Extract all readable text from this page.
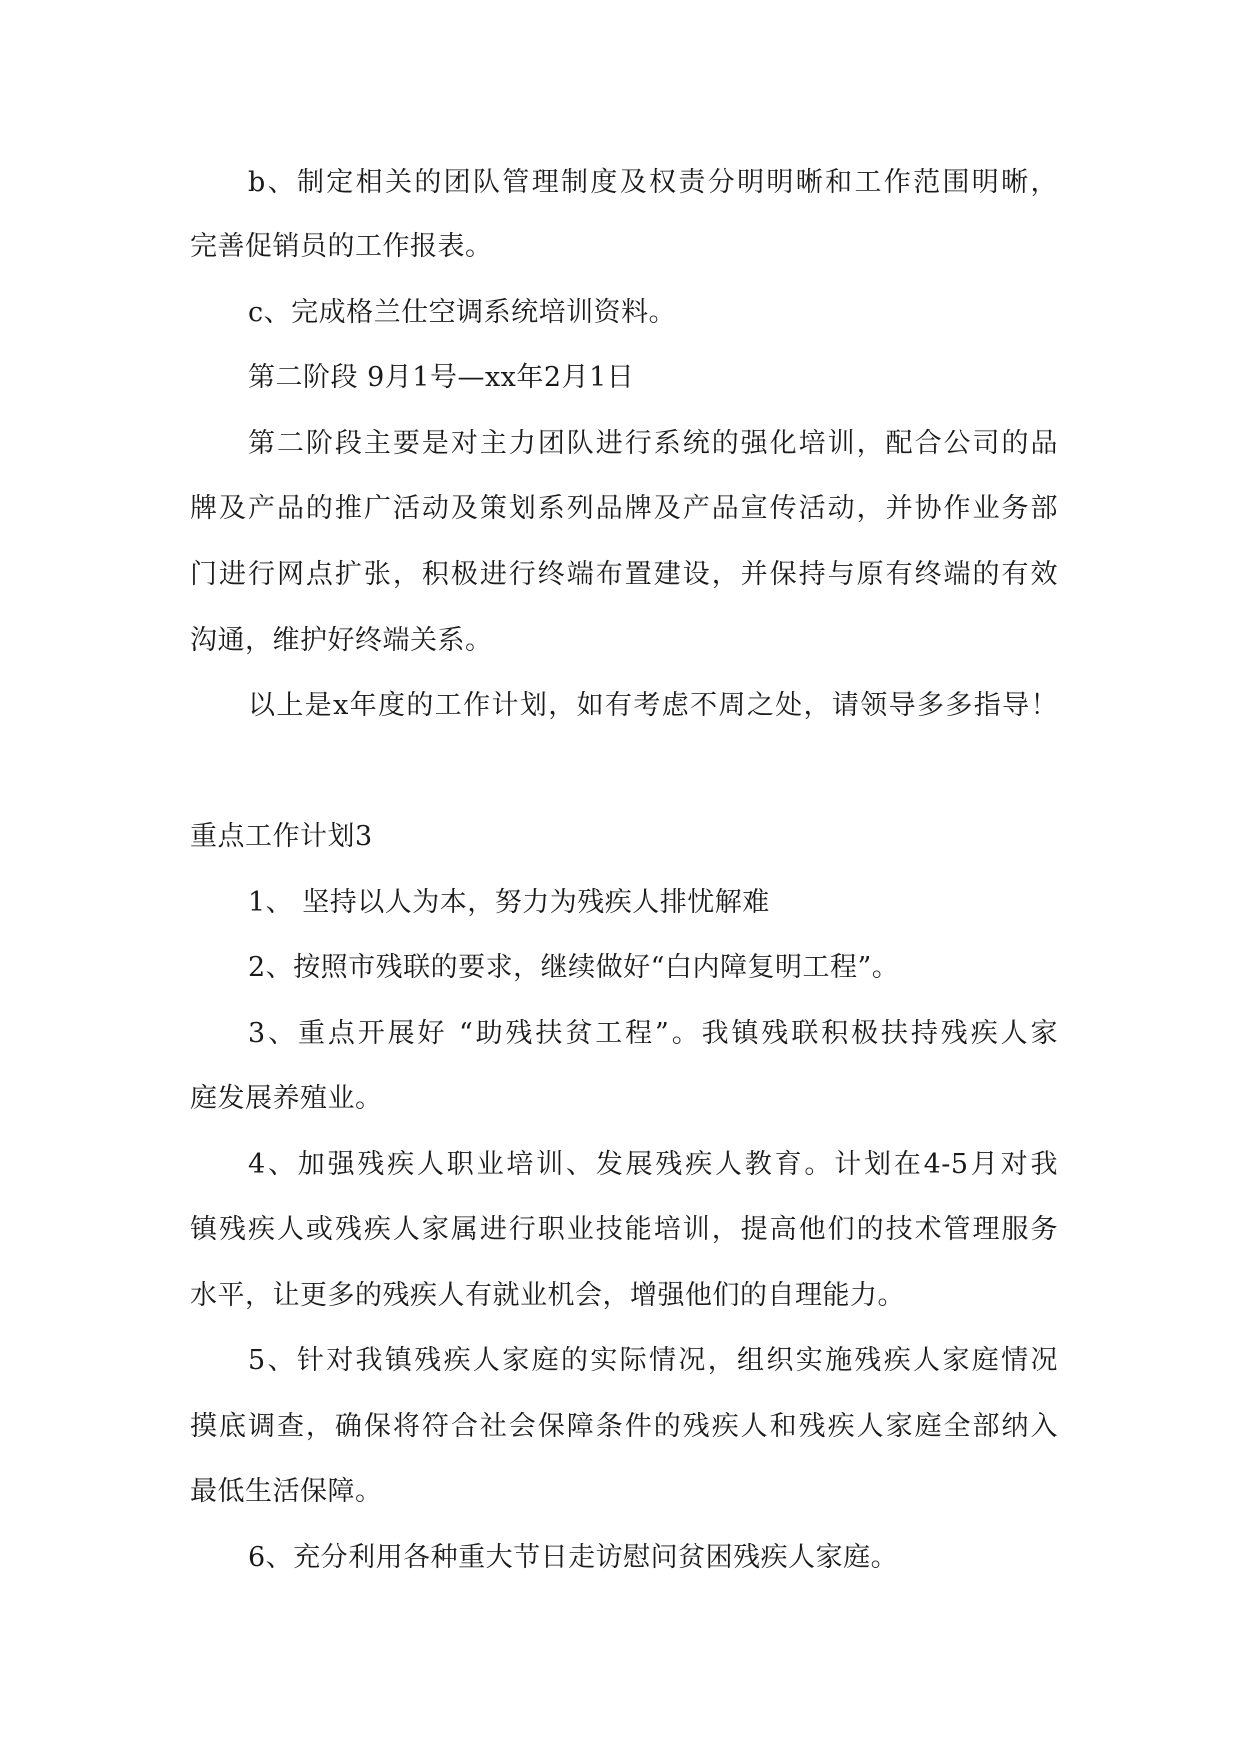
b、制定相关的团队管理制度及权责分明明晰和工作范围明晰，
完善促销员的工作报表。
c、完成格兰仕空调系统培训资料。
第二阶段 9月1号—xx年2月1日
第二阶段主要是对主力团队进行系统的强化培训，配合公司的品
牌及产品的推广活动及策划系列品牌及产品宣传活动，并协作业务部
门进行网点扩张，积极进行终端布置建设，并保持与原有终端的有效
沟通，维护好终端关系。
以上是x年度的工作计划，如有考虑不周之处，请领导多多指导！
重点工作计划3
1、 坚持以人为本，努力为残疾人排忧解难
2、按照市残联的要求，继续做好“白内障复明工程”。
3、重点开展好 “助残扶贫工程”。我镇残联积极扶持残疾人家
庭发展养殖业。
4、加强残疾人职业培训、发展残疾人教育。计划在4-5月对我
镇残疾人或残疾人家属进行职业技能培训，提高他们的技术管理服务
水平，让更多的残疾人有就业机会，增强他们的自理能力。
5、针对我镇残疾人家庭的实际情况，组织实施残疾人家庭情况
摸底调查，确保将符合社会保障条件的残疾人和残疾人家庭全部纳入
最低生活保障。
6、充分利用各种重大节日走访慰问贫困残疾人家庭。
